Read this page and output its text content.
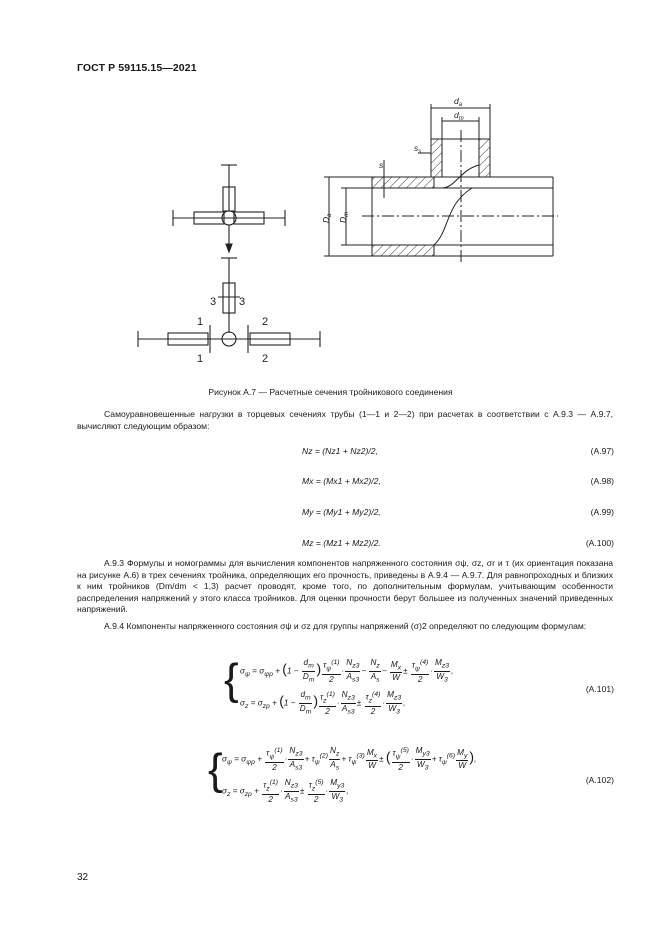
ГОСТ Р 59115.15—2021
1
1
2
2
3 3
$d_a$
$d_m$
$s_s$
s
$D_a$
$D_m$
Рисунок А.7 — Расчетные сечения тройникового соединения

Самоуравновешенные нагрузки в торцевых сечениях трубы (1—1 и 2—2) при расчетах в соответствии с А.9.3 — А.9.7, вычисляют следующим образом:

Nz = (Nz1 + Nz2)/2,	(А.97)
Mx = (Mx1 + Mx2)/2,	(А.98)
My = (My1 + My2)/2,	(А.99)
Mz = (Mz1 + Mz2)/2.	(А.100)

А.9.3 Формулы и номограммы для вычисления компонентов напряженного состояния σψ, σz, σr и τ (их ориентация показана на рисунке А.6) в трех сечениях тройника, определяющих его прочность, приведены в А.9.4 — А.9.7. Для равнопроходных и близких к ним тройников (Dm/dm < 1,3) расчет проводят, кроме того, по дополнительным формулам, учитывающим особенности распределения напряжений у этого класса тройников. Для оценки прочности берут большее из полученных значений приведенных напряжений.

А.9.4 Компоненты напряженного состояния σψ и σz для группы напряжений (σ)2 определяют по следующим формулам:

{ $\sigma_\psi = \sigma_{\psi p} + (1 - \frac{d_m}{D_m}$ ) $\frac{\tau_\psi^{(1)}}{2} \cdot \frac{N_{z3}}{A_{s3}} - \frac{N_z}{A_s} - \frac{M_x}{W} \pm \frac{\tau_\psi^{(4)}}{2} \cdot \frac{M_{z3}}{W_3}$ ,
$\sigma_z = \sigma_{zp} + (1 - \frac{d_m}{D_m}$ ) $\frac{\tau_z^{(1)}}{2} \cdot \frac{N_{z3}}{A_{s3}} \pm \frac{\tau_z^{(4)}}{2} \cdot \frac{M_{z3}}{W_3}$ ,
(А.101)
{ $\sigma_\psi = \sigma_{\psi p} + \frac{\tau_\psi^{(1)}}{2} \cdot \frac{N_{z3}}{A_{s3}} + \tau_\psi^{(2)} \frac{N_z}{A_s} + \tau_\psi^{(3)} \frac{M_x}{W}$ ± ( $\frac{\tau_\psi^{(5)}}{2} \cdot \frac{M_{y3}}{W_3} + \tau_\psi^{(6)} \frac{M_y}{W}$ ),
$\sigma_z = \sigma_{zp} + \frac{\tau_z^{(1)}}{2} \cdot \frac{N_{z3}}{A_{s3}} \pm \frac{\tau_z^{(5)}}{2} \cdot \frac{M_{y3}}{W_3}$ ,
(А.102)
32
